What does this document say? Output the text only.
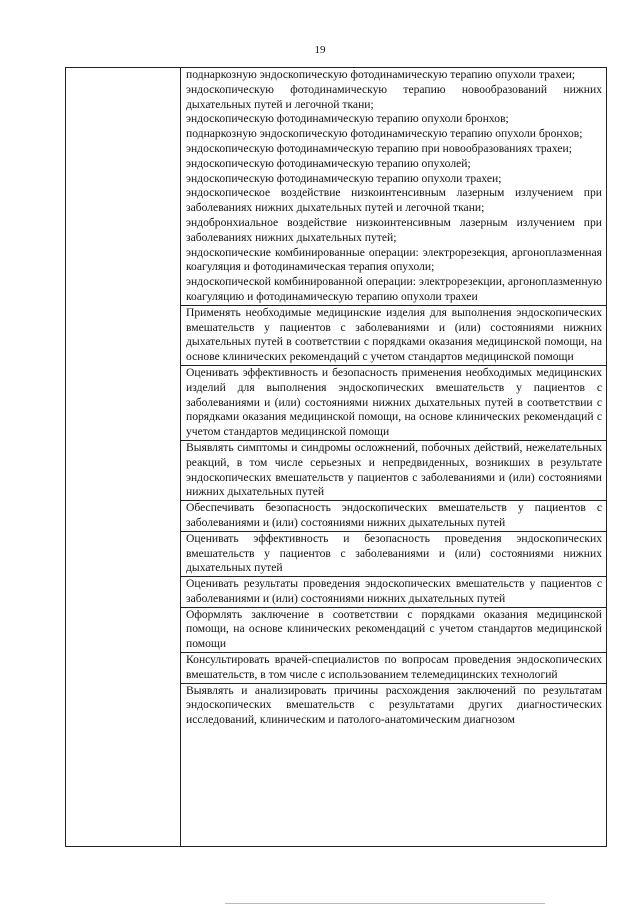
19

поднаркозную эндоскопическую фотодинамическую терапию опухоли трахеи;

эндоскопическую фотодинамическую терапию новообразований нижних дыхательных путей и легочной ткани;

эндоскопическую фотодинамическую терапию опухоли бронхов;

поднаркозную эндоскопическую фотодинамическую терапию опухоли бронхов;

эндоскопическую фотодинамическую терапию при новообразованиях трахеи;

эндоскопическую фотодинамическую терапию опухолей;

эндоскопическую фотодинамическую терапию опухоли трахеи;

эндоскопическое воздействие низкоинтенсивным лазерным излучением при заболеваниях нижних дыхательных путей и легочной ткани;

эндобронхиальное воздействие низкоинтенсивным лазерным излучением при заболеваниях нижних дыхательных путей;

эндоскопические комбинированные операции: электрорезекция, аргоноплазменная коагуляция и фотодинамическая терапия опухоли;

эндоскопической комбинированной операции: электрорезекции, аргоноплазменную коагуляцию и фотодинамическую терапию опухоли трахеи

Применять необходимые медицинские изделия для выполнения эндоскопических вмешательств у пациентов с заболеваниями и (или) состояниями нижних дыхательных путей в соответствии с порядками оказания медицинской помощи, на основе клинических рекомендаций с учетом стандартов медицинской помощи
Оценивать эффективность и безопасность применения необходимых медицинских изделий для выполнения эндоскопических вмешательств у пациентов с заболеваниями и (или) состояниями нижних дыхательных путей в соответствии с порядками оказания медицинской помощи, на основе клинических рекомендаций с учетом стандартов медицинской помощи
Выявлять симптомы и синдромы осложнений, побочных действий, нежелательных реакций, в том числе серьезных и непредвиденных, возникших в результате эндоскопических вмешательств у пациентов с заболеваниями и (или) состояниями нижних дыхательных путей
Обеспечивать безопасность эндоскопических вмешательств у пациентов с заболеваниями и (или) состояниями нижних дыхательных путей
Оценивать эффективность и безопасность проведения эндоскопических вмешательств у пациентов с заболеваниями и (или) состояниями нижних дыхательных путей
Оценивать результаты проведения эндоскопических вмешательств у пациентов с заболеваниями и (или) состояниями нижних дыхательных путей
Оформлять заключение в соответствии с порядками оказания медицинской помощи, на основе клинических рекомендаций с учетом стандартов медицинской помощи
Консультировать врачей-специалистов по вопросам проведения эндоскопических вмешательств, в том числе с использованием телемедицинских технологий
Выявлять и анализировать причины расхождения заключений по результатам эндоскопических вмешательств с результатами других диагностических исследований, клиническим и патолого-анатомическим диагнозом
